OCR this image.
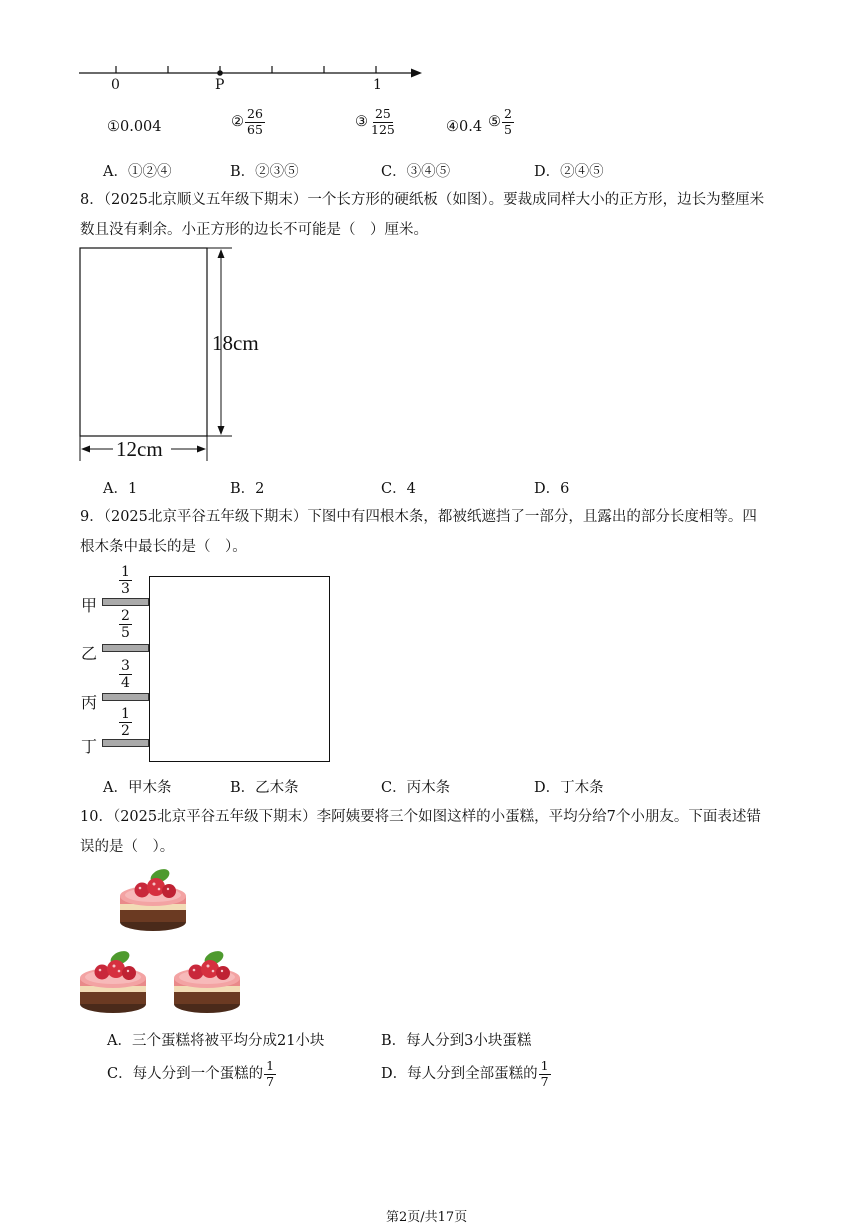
0	P	1
①0.004	② $\frac{26}{65}$	③ $\frac{25}{125}$	④0.4 ⑤ $\frac{2}{5}$
A．①②④	B．②③⑤	C．③④⑤	D．②④⑤
8．（2025北京顺义五年级下期末）一个长方形的硬纸板（如图）。要裁成同样大小的正方形，边长为整厘米
数且没有剩余。小正方形的边长不可能是（　）厘米。
18cm
12cm
A．1	B．2	C．4	D．6
9．（2025北京平谷五年级下期末）下图中有四根木条，都被纸遮挡了一部分，且露出的部分长度相等。四
根木条中最长的是（　）。
甲
$\frac{1}{3}$
乙
$\frac{2}{5}$
丙
$\frac{3}{4}$
丁
$\frac{1}{2}$
A．甲木条	B．乙木条	C．丙木条	D．丁木条
10．（2025北京平谷五年级下期末）李阿姨要将三个如图这样的小蛋糕，平均分给7个小朋友。下面表述错
误的是（　）。
A．三个蛋糕将被平均分成21小块	B．每人分到3小块蛋糕
C．每人分到一个蛋糕的 $\frac{1}{7}$	D．每人分到全部蛋糕的 $\frac{1}{7}$
第2页/共17页
